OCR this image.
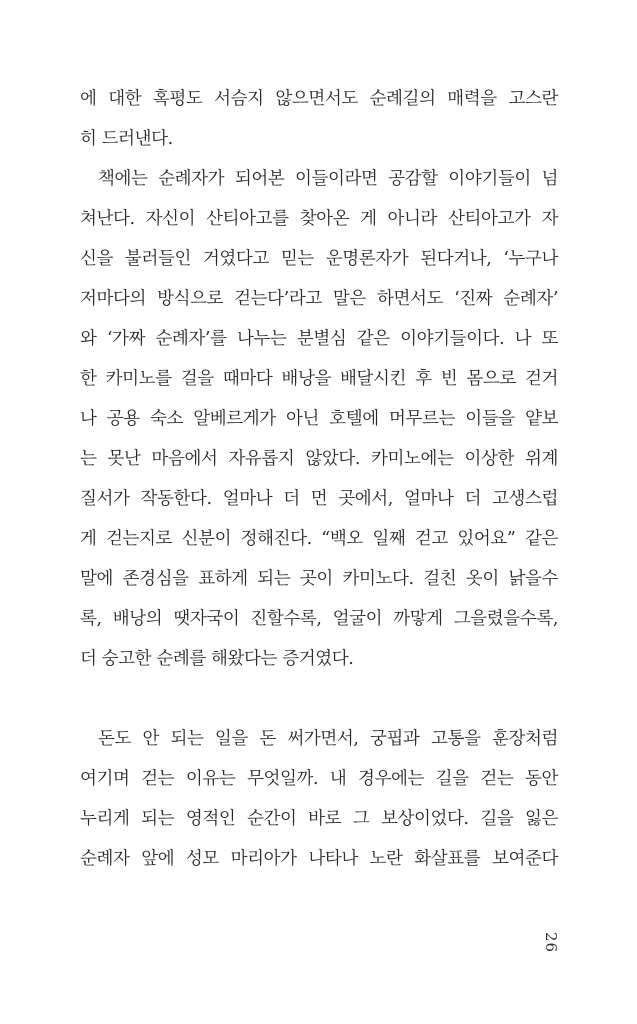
에 대한 혹평도 서슴지 않으면서도 순례길의 매력을 고스란
히 드러낸다.
책에는 순례자가 되어본 이들이라면 공감할 이야기들이 넘
쳐난다. 자신이 산티아고를 찾아온 게 아니라 산티아고가 자
신을 불러들인 거였다고 믿는 운명론자가 된다거나, ‘누구나
저마다의 방식으로 걷는다’라고 말은 하면서도 ‘진짜 순례자’
와 ‘가짜 순례자’를 나누는 분별심 같은 이야기들이다. 나 또
한 카미노를 걸을 때마다 배낭을 배달시킨 후 빈 몸으로 걷거
나 공용 숙소 알베르게가 아닌 호텔에 머무르는 이들을 얕보
는 못난 마음에서 자유롭지 않았다. 카미노에는 이상한 위계
질서가 작동한다. 얼마나 더 먼 곳에서, 얼마나 더 고생스럽
게 걷는지로 신분이 정해진다. “백오 일째 걷고 있어요” 같은
말에 존경심을 표하게 되는 곳이 카미노다. 걸친 옷이 낡을수
록, 배낭의 땟자국이 진할수록, 얼굴이 까맣게 그을렸을수록,
더 숭고한 순례를 해왔다는 증거였다.
돈도 안 되는 일을 돈 써가면서, 궁핍과 고통을 훈장처럼
여기며 걷는 이유는 무엇일까. 내 경우에는 길을 걷는 동안
누리게 되는 영적인 순간이 바로 그 보상이었다. 길을 잃은
순례자 앞에 성모 마리아가 나타나 노란 화살표를 보여준다
26
